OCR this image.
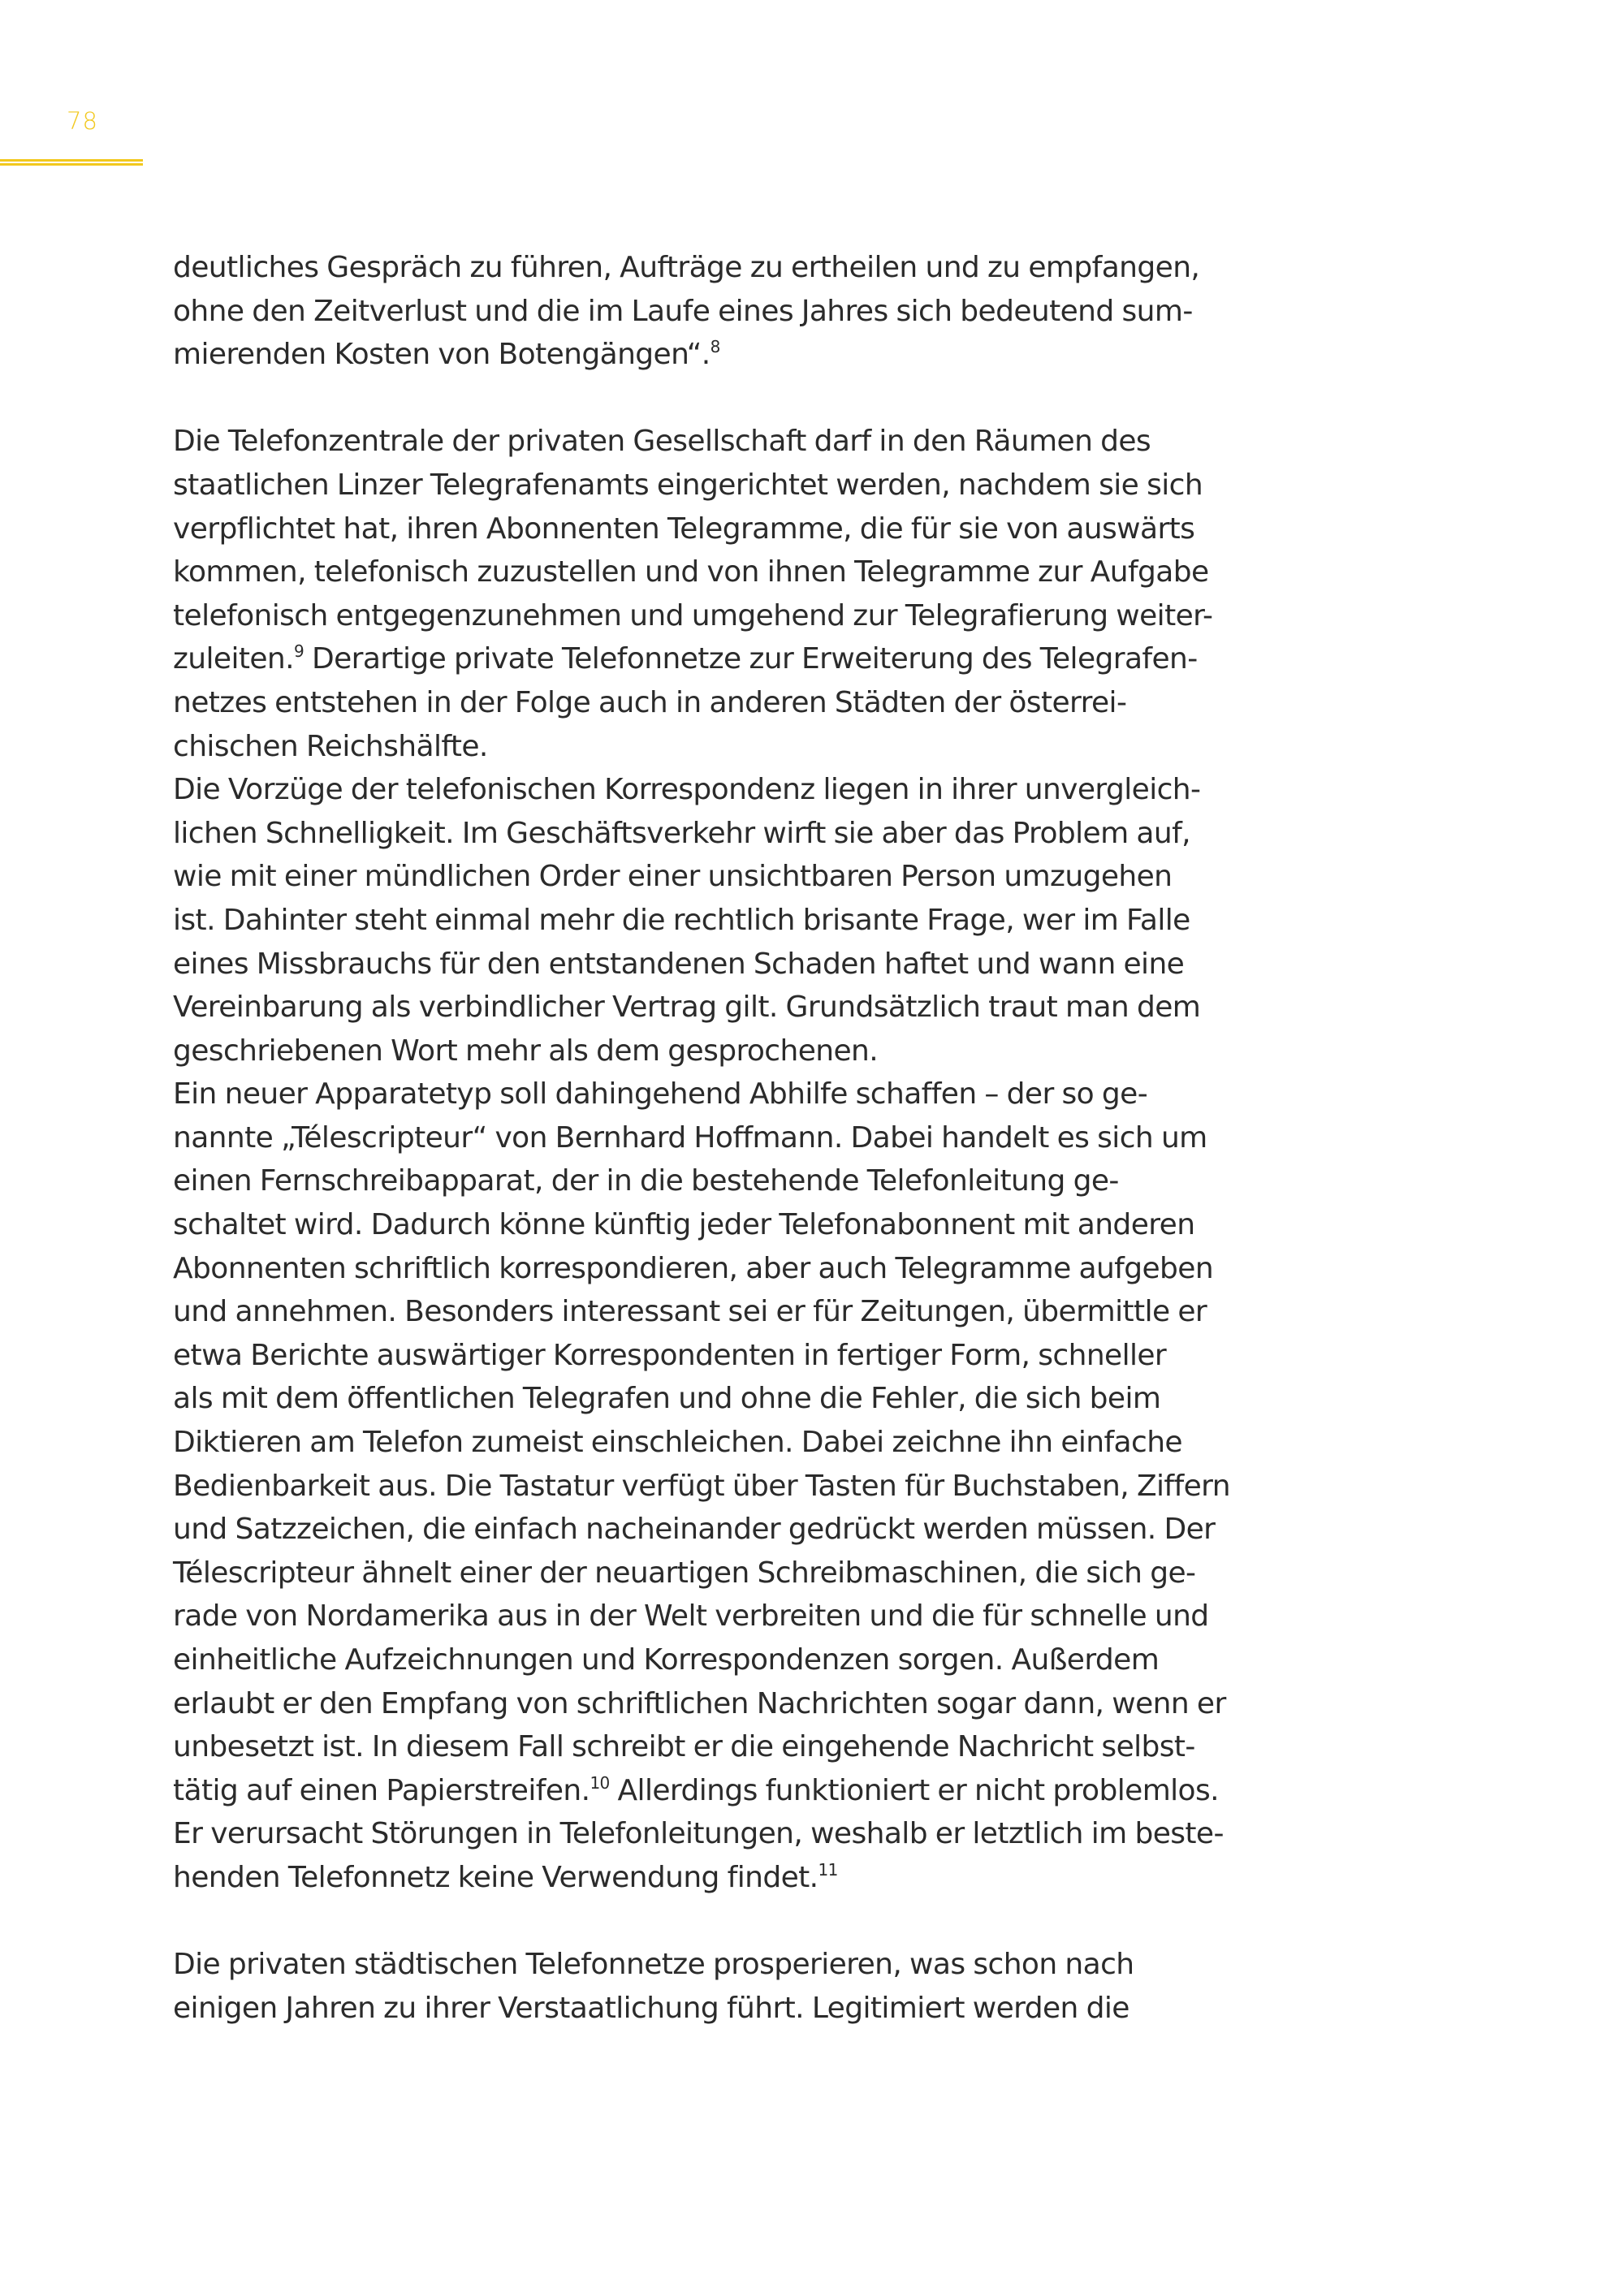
78
deutliches Gespräch zu führen, Aufträge zu ertheilen und zu empfangen,
ohne den Zeitverlust und die im Laufe eines Jahres sich bedeutend sum-
mierenden Kosten von Botengängen“.$^8$
Die Telefonzentrale der privaten Gesellschaft darf in den Räumen des
staatlichen Linzer Telegrafenamts eingerichtet werden, nachdem sie sich
verpflichtet hat, ihren Abonnenten Telegramme, die für sie von auswärts
kommen, telefonisch zuzustellen und von ihnen Telegramme zur Aufgabe
telefonisch entgegenzunehmen und umgehend zur Telegrafierung weiter-
zuleiten.$^9$ Derartige private Telefonnetze zur Erweiterung des Telegrafen-
netzes entstehen in der Folge auch in anderen Städten der österrei-
chischen Reichshälfte.
Die Vorzüge der telefonischen Korrespondenz liegen in ihrer unvergleich-
lichen Schnelligkeit. Im Geschäftsverkehr wirft sie aber das Problem auf,
wie mit einer mündlichen Order einer unsichtbaren Person umzugehen
ist. Dahinter steht einmal mehr die rechtlich brisante Frage, wer im Falle
eines Missbrauchs für den entstandenen Schaden haftet und wann eine
Vereinbarung als verbindlicher Vertrag gilt. Grundsätzlich traut man dem
geschriebenen Wort mehr als dem gesprochenen.
Ein neuer Apparatetyp soll dahingehend Abhilfe schaffen – der so ge-
nannte „Télescripteur“ von Bernhard Hoffmann. Dabei handelt es sich um
einen Fernschreibapparat, der in die bestehende Telefonleitung ge-
schaltet wird. Dadurch könne künftig jeder Telefonabonnent mit anderen
Abonnenten schriftlich korrespondieren, aber auch Telegramme aufgeben
und annehmen. Besonders interessant sei er für Zeitungen, übermittle er
etwa Berichte auswärtiger Korrespondenten in fertiger Form, schneller
als mit dem öffentlichen Telegrafen und ohne die Fehler, die sich beim
Diktieren am Telefon zumeist einschleichen. Dabei zeichne ihn einfache
Bedienbarkeit aus. Die Tastatur verfügt über Tasten für Buchstaben, Ziffern
und Satzzeichen, die einfach nacheinander gedrückt werden müssen. Der
Télescripteur ähnelt einer der neuartigen Schreibmaschinen, die sich ge-
rade von Nordamerika aus in der Welt verbreiten und die für schnelle und
einheitliche Aufzeichnungen und Korrespondenzen sorgen. Außerdem
erlaubt er den Empfang von schriftlichen Nachrichten sogar dann, wenn er
unbesetzt ist. In diesem Fall schreibt er die eingehende Nachricht selbst-
tätig auf einen Papierstreifen.$^{10}$ Allerdings funktioniert er nicht problemlos.
Er verursacht Störungen in Telefonleitungen, weshalb er letztlich im beste-
henden Telefonnetz keine Verwendung findet.$^{11}$
Die privaten städtischen Telefonnetze prosperieren, was schon nach
einigen Jahren zu ihrer Verstaatlichung führt. Legitimiert werden die
